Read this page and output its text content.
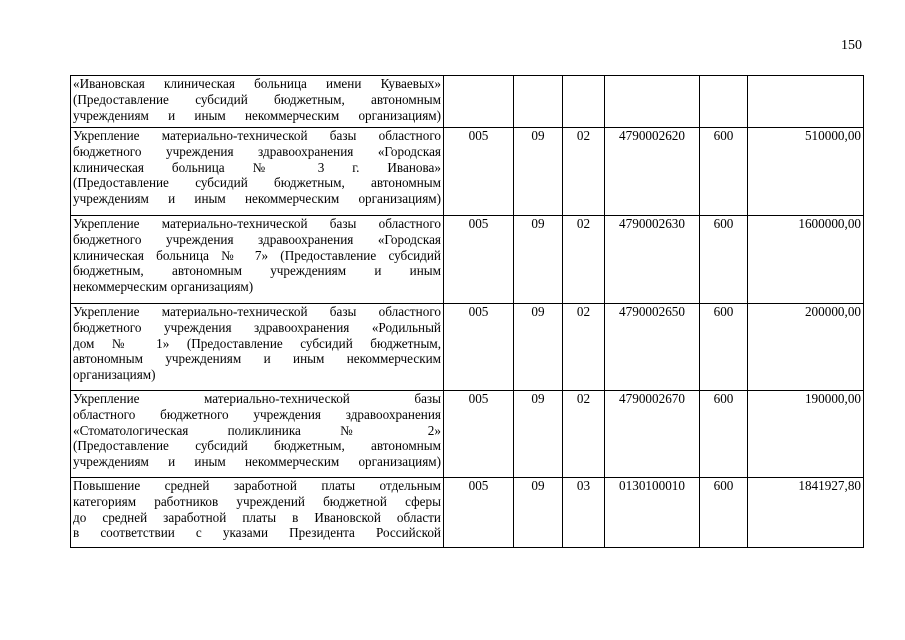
150
«Ивановская клиническая больница имени Куваевых»
(Предоставление субсидий бюджетным, автономным
учреждениям и иным некоммерческим организациям)						

Укрепление материально-технической базы областного
бюджетного учреждения здравоохранения «Городская
клиническая больница № 3 г. Иванова»
(Предоставление субсидий бюджетным, автономным
учреждениям и иным некоммерческим организациям)	005	09	02	4790002620	600	510000,00

Укрепление материально-технической базы областного
бюджетного учреждения здравоохранения «Городская
клиническая больница № 7» (Предоставление субсидий
бюджетным, автономным учреждениям и иным
некоммерческим организациям)	005	09	02	4790002630	600	1600000,00

Укрепление материально-технической базы областного
бюджетного учреждения здравоохранения «Родильный
дом № 1» (Предоставление субсидий бюджетным,
автономным учреждениям и иным некоммерческим
организациям)	005	09	02	4790002650	600	200000,00

Укрепление материально-технической базы
областного бюджетного учреждения здравоохранения
«Стоматологическая поликлиника № 2»
(Предоставление субсидий бюджетным, автономным
учреждениям и иным некоммерческим организациям)	005	09	02	4790002670	600	190000,00

Повышение средней заработной платы отдельным
категориям работников учреждений бюджетной сферы
до средней заработной платы в Ивановской области
в соответствии с указами Президента Российской	005	09	03	0130100010	600	1841927,80
